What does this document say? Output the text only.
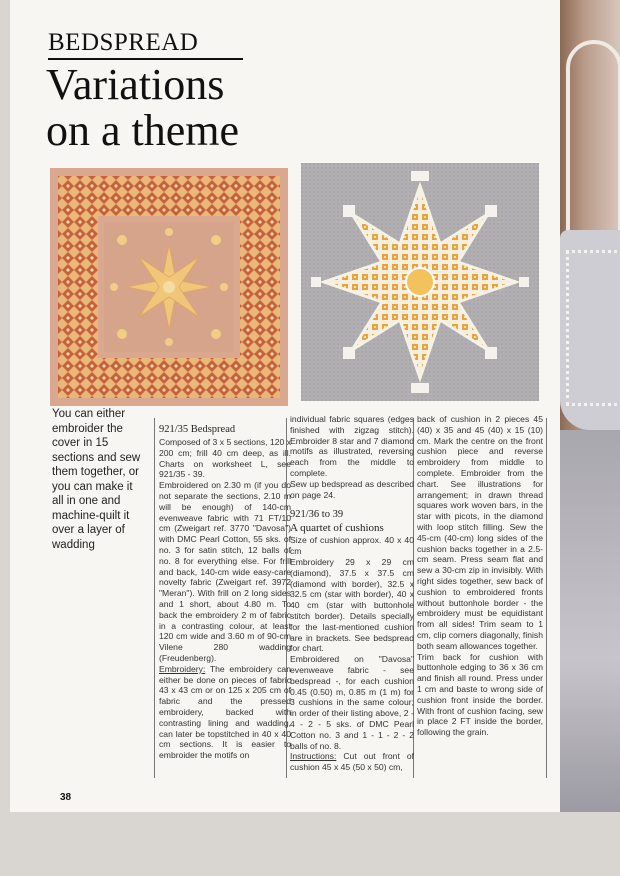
BEDSPREAD
Variations
on a theme
You can either
embroider the
cover in 15
sections and sew
them together, or
you can make it
all in one and
machine-quilt it
over a layer of
wadding
921/35 Bedspread

Composed of 3 x 5 sections, 120 x 200 cm; frill 40 cm deep, as ill. Charts on worksheet L, see 921/35 - 39.

Embroidered on 2.30 m (if you do not separate the sections, 2.10 m will be enough) of 140-cm evenweave fabric with 71 FT/10 cm (Zweigart ref. 3770 "Davosa") with DMC Pearl Cotton, 55 sks. of no. 3 for satin stitch, 12 balls of no. 8 for everything else. For frill and back, 140-cm wide easy-care novelty fabric (Zweigart ref. 3972 "Meran"). With frill on 2 long sides and 1 short, about 4.80 m. To back the embroidery 2 m of fabric in a contrasting colour, at least 120 cm wide and 3.60 m of 90-cm Vilene 280 wadding (Freudenberg).

Embroidery: The embroidery can either be done on pieces of fabric 43 x 43 cm or on 125 x 205 cm of fabric and the pressed embroidery, backed with contrasting lining and wadding, can later be topstitched in 40 x 40 cm sections. It is easier to embroider the motifs on

individual fabric squares (edges finished with zigzag stitch). Embroider 8 star and 7 diamond motifs as illustrated, reversing each from the middle to complete.

Sew up bedspread as described on page 24.

921/36 to 39
A quartet of cushions

Size of cushion approx. 40 x 40 cm

Embroidery 29 x 29 cm (diamond), 37.5 x 37.5 cm (diamond with border), 32.5 x 32.5 cm (star with border), 40 x 40 cm (star with buttonhole stitch border). Details specially for the last-mentioned cushion are in brackets. See bedspread for chart.

Embroidered on "Davosa" evenweave fabric - see bedspread -, for each cushion 0.45 (0.50) m, 0.85 m (1 m) for 3 cushions in the same colour; in order of their listing above, 2 - 4 - 2 - 5 sks. of DMC Pearl Cotton no. 3 and 1 - 1 - 2 - 2 balls of no. 8.

Instructions: Cut out front of cushion 45 x 45 (50 x 50) cm,

back of cushion in 2 pieces 45 (40) x 35 and 45 (40) x 15 (10) cm. Mark the centre on the front cushion piece and reverse embroidery from middle to complete. Embroider from the chart. See illustrations for arrangement; in drawn thread squares work woven bars, in the star with picots, in the diamond with loop stitch filling. Sew the 45-cm (40-cm) long sides of the cushion backs together in a 2.5-cm seam. Press seam flat and sew a 30-cm zip in invisibly. With right sides together, sew back of cushion to embroidered fronts without buttonhole border - the embroidery must be equidistant from all sides! Trim seam to 1 cm, clip corners diagonally, finish both seam allowances together.

Trim back for cushion with buttonhole edging to 36 x 36 cm and finish all round. Press under 1 cm and baste to wrong side of cushion front inside the border. With front of cushion facing, sew in place 2 FT inside the border, following the grain.

38
